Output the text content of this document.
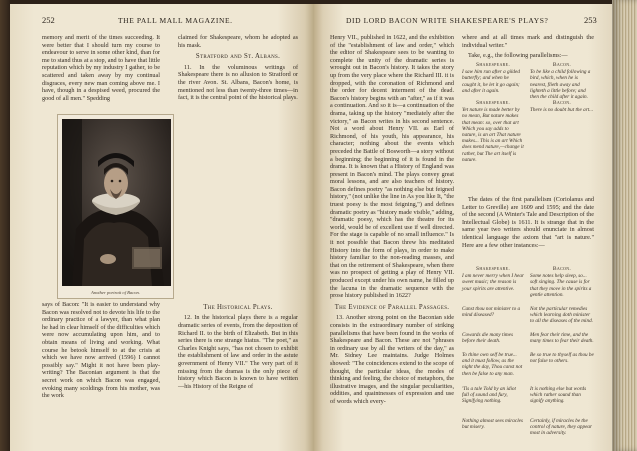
252	THE PALL MALL MAGAZINE.

memory and merit of the times succeeding. It were better that I should turn my course to endeavour to serve in some other kind, than for me to stand thus at a stop, and to have that little reputation which by my industry I gather, to be scattered and taken away by my continual disgraces, every new man coming above me. I have, though in a despised weed, procured the good of all men." Spedding

Another portrait of Bacon.

says of Bacon: "It is easier to understand why Bacon was resolved not to devote his life to the ordinary practice of a lawyer, than what plan he had in clear himself of the difficulties which were now accumulating upon him, and to obtain means of living and working. What course he betook himself to at the crisis at which we have now arrived (1596) I cannot possibly say." Might it not have been play-writing? The Baconian argument is that the secret work on which Bacon was engaged, evoking many scoldings from his mother, was the work

claimed for Shakespeare, whom he adopted as his mask.

Stratford and St. Albans.

11. In the voluminous writings of Shakespeare there is no allusion to Stratford or the river Avon. St. Albans, Bacon's home, is mentioned not less than twenty-three times—in fact, it is the central point of the historical plays.

The Historical Plays.

12. In the historical plays there is a regular dramatic series of events, from the deposition of Richard II. to the birth of Elizabeth. But in this series there is one strange hiatus. "The poet," as Charles Knight says, "has not chosen to exhibit the establishment of law and order in the astute government of Henry VII." The very part of it missing from the dramas is the only piece of history which Bacon is known to have written—his History of the Reigne of

DID LORD BACON WRITE SHAKESPEARE'S PLAYS?	253

Henry VII., published in 1622, and the exhibition of the "establishment of law and order," which the editor of Shakespeare sees to be wanting to complete the unity of the dramatic series is wrought out in Bacon's history. It takes the story up from the very place where the Richard III. it is dropped, with the coronation of Richmond and the order for decent interment of the dead. Bacon's history begins with an "after," as if it was a continuation. And so it is—a continuation of the drama, taking up the history "mediately after the victory," as Bacon writes in his second sentence. Not a word about Henry VII. as Earl of Richmond, of his youth, his appearance, his character; nothing about the events which preceded the Battle of Bosworth—a story without a beginning; the beginning of it is found in the drama. It is known that a History of England was present in Bacon's mind. The plays convey great moral lessons, and are also teachers of history. Bacon defines poetry "as nothing else but feigned history," (not unlike the line in As you like It, "the truest poesy is the most feigning,") and defines dramatic poetry as "history made visible," adding, "dramatic poesy, which has the theatre for its world, would be of excellent use if well directed. For the stage is capable of no small influence." Is it not possible that Bacon threw his meditated History into the form of plays, in order to make history familiar to the non-reading masses, and that on the retirement of Shakespeare, when there was no prospect of getting a play of Henry VII. produced except under his own name, he filled up the lacuna in the dramatic sequence with the prose history published in 1622?

The Evidence of Parallel Passages.

13. Another strong point on the Baconian side consists in the extraordinary number of striking parallelisms that have been found in the works of Shakespeare and Bacon. These are not "phrases in ordinary use by all the writers of the day," as Mr. Sidney Lee maintains. Judge Holmes showed: "The coincidences extend to the scope of thought, the particular ideas, the modes of thinking and feeling, the choice of metaphors, the illustrative images, and the singular peculiarities, oddities, and quaintnesses of expression and use of words which every-

where and at all times mark and distinguish the individual writer."

Take, e.g., the following parallelisms:—

Shakespeare.
I saw him run after a gilded butterfly; and when he caught it, he let it go again; and after it again.
Bacon.
To be like a child following a bird, which, when he is nearest, flieth away and lighteth a little before; and then the child after it again.
Shakespeare.
Yet nature is made better by no mean, But nature makes that mean: so, over that art Which you say adds to nature, is an art That nature makes... This is an art Which does mend nature,—change it rather, but The art itself is nature.
Bacon.
There is no doubt but the art...

The dates of the first parallelism (Coriolanus and Letter to Greville) are 1609 and 1595; and the date of the second (A Winter's Tale and Description of the Intellectual Globe) is 1611. It is strange that in the same year two writers should enunciate in almost identical language the axiom that "art is nature." Here are a few other instances:—

Shakespeare.
I am never merry when I hear sweet music; the reason is your spirits are attentive.
Bacon.
Some notes help sleep, so... soft singing. The cause is for that they move in the spirits a gentle attention.
Canst thou not minister to a mind diseased?
Not the particular remedies which learning doth minister to all the diseases of the mind.
Cowards die many times before their death.
Men fear their time, and the many times to fear their death.
To thine own self be true... and it must follow, as the night the day, Thou canst not then be false to any man.
Be so true to thyself as thou be not false to others.
'Tis a tale Told by an idiot full of sound and fury, Signifying nothing.
It is nothing else but words which rather sound than signify anything.
Nothing almost sees miracles but misery.
Certainly, if miracles be the control of nature, they appear most in adversity.
